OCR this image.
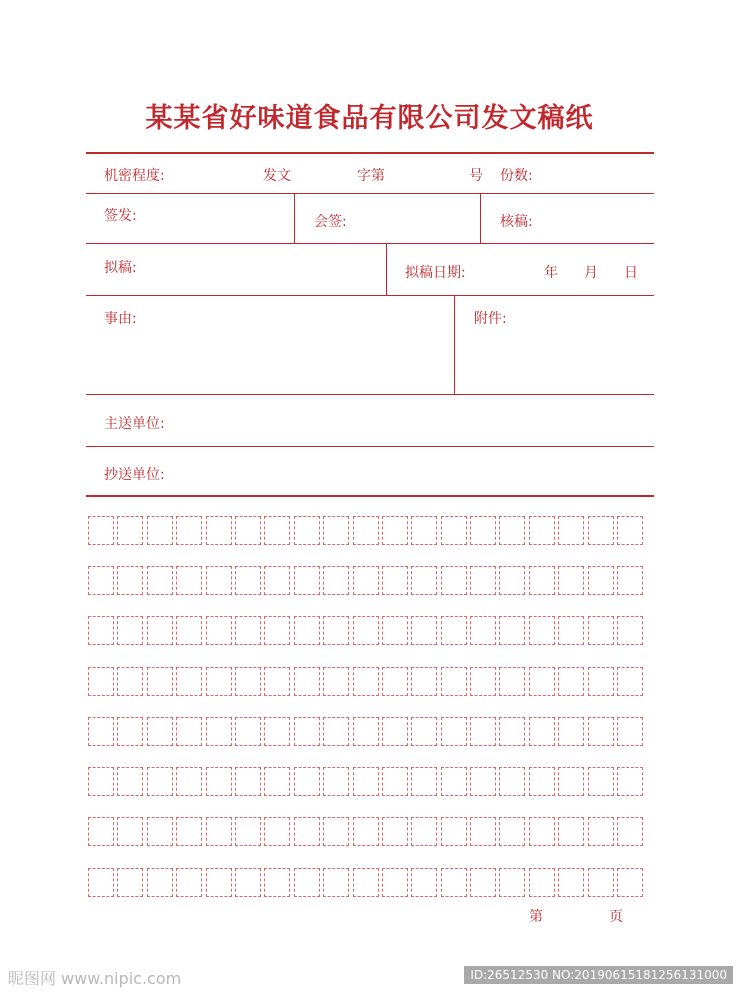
某某省好味道食品有限公司发文稿纸
机密程度:	发文	字第	号 份数:
签发:	会签:	核稿:
拟稿:	拟稿日期:	年 月 日
事由:	附件:
主送单位:
抄送单位:
第	页
昵图网 www.nipic.com	ID:26512530 NO:20190615181256131000
